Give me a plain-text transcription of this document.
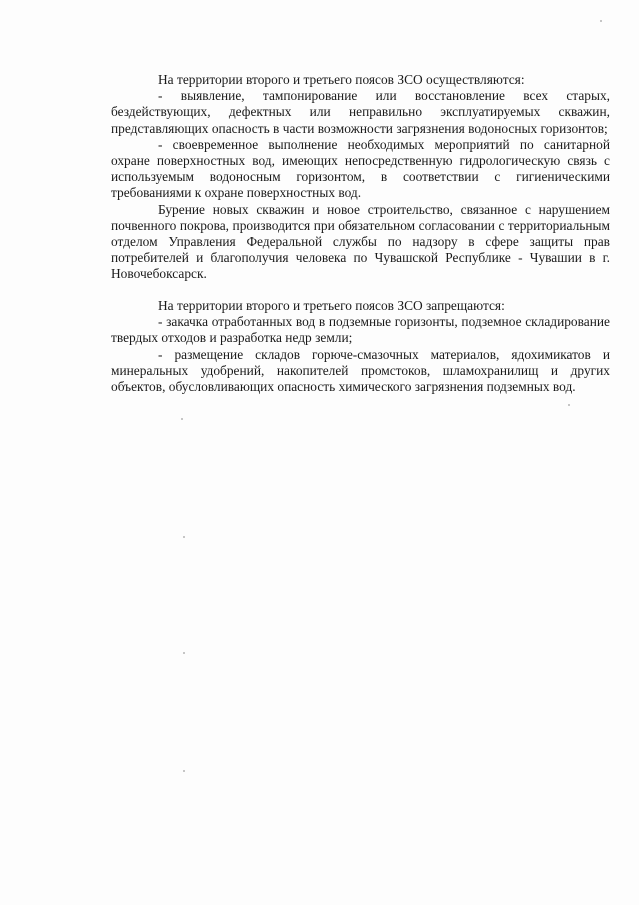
На территории второго и третьего поясов ЗСО осуществляются:

- выявление, тампонирование или восстановление всех старых, бездействующих, дефектных или неправильно эксплуатируемых скважин, представляющих опасность в части возможности загрязнения водоносных горизонтов;

- своевременное выполнение необходимых мероприятий по санитарной охране поверхностных вод, имеющих непосредственную гидрологическую связь с используемым водоносным горизонтом, в соответствии с гигиеническими требованиями к охране поверхностных вод.

Бурение новых скважин и новое строительство, связанное с нарушением почвенного покрова, производится при обязательном согласовании с территориальным отделом Управления Федеральной службы по надзору в сфере защиты прав потребителей и благополучия человека по Чувашской Республике - Чувашии в г. Новочебоксарск.

На территории второго и третьего поясов ЗСО запрещаются:

- закачка отработанных вод в подземные горизонты, подземное складирование твердых отходов и разработка недр земли;

- размещение складов горюче-смазочных материалов, ядохимикатов и минеральных удобрений, накопителей промстоков, шламохранилищ и других объектов, обусловливающих опасность химического загрязнения подземных вод.
